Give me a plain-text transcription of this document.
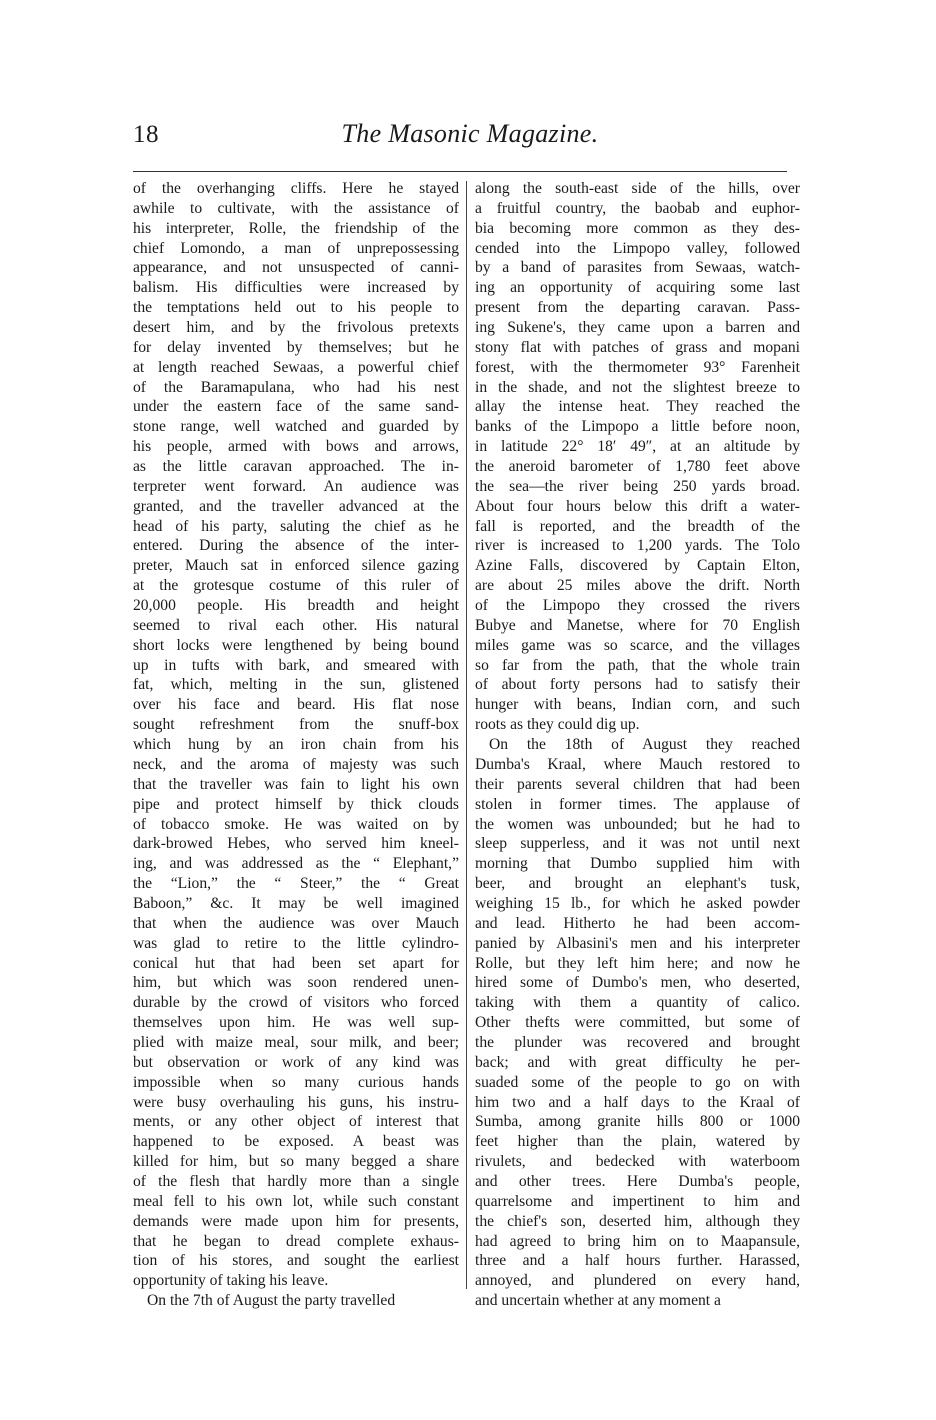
18	The Masonic Magazine.
of the overhanging cliffs. Here he stayed
awhile to cultivate, with the assistance of
his interpreter, Rolle, the friendship of the
chief Lomondo, a man of unprepossessing
appearance, and not unsuspected of canni-
balism. His difficulties were increased by
the temptations held out to his people to
desert him, and by the frivolous pretexts
for delay invented by themselves; but he
at length reached Sewaas, a powerful chief
of the Baramapulana, who had his nest
under the eastern face of the same sand-
stone range, well watched and guarded by
his people, armed with bows and arrows,
as the little caravan approached. The in-
terpreter went forward. An audience was
granted, and the traveller advanced at the
head of his party, saluting the chief as he
entered. During the absence of the inter-
preter, Mauch sat in enforced silence gazing
at the grotesque costume of this ruler of
20,000 people. His breadth and height
seemed to rival each other. His natural
short locks were lengthened by being bound
up in tufts with bark, and smeared with
fat, which, melting in the sun, glistened
over his face and beard. His flat nose
sought refreshment from the snuff-box
which hung by an iron chain from his
neck, and the aroma of majesty was such
that the traveller was fain to light his own
pipe and protect himself by thick clouds
of tobacco smoke. He was waited on by
dark-browed Hebes, who served him kneel-
ing, and was addressed as the “ Elephant,”
the “Lion,” the “ Steer,” the “ Great
Baboon,” &c. It may be well imagined
that when the audience was over Mauch
was glad to retire to the little cylindro-
conical hut that had been set apart for
him, but which was soon rendered unen-
durable by the crowd of visitors who forced
themselves upon him. He was well sup-
plied with maize meal, sour milk, and beer;
but observation or work of any kind was
impossible when so many curious hands
were busy overhauling his guns, his instru-
ments, or any other object of interest that
happened to be exposed. A beast was
killed for him, but so many begged a share
of the flesh that hardly more than a single
meal fell to his own lot, while such constant
demands were made upon him for presents,
that he began to dread complete exhaus-
tion of his stores, and sought the earliest
opportunity of taking his leave.
On the 7th of August the party travelled
along the south-east side of the hills, over
a fruitful country, the baobab and euphor-
bia becoming more common as they des-
cended into the Limpopo valley, followed
by a band of parasites from Sewaas, watch-
ing an opportunity of acquiring some last
present from the departing caravan. Pass-
ing Sukene's, they came upon a barren and
stony flat with patches of grass and mopani
forest, with the thermometer 93° Farenheit
in the shade, and not the slightest breeze to
allay the intense heat. They reached the
banks of the Limpopo a little before noon,
in latitude 22° 18′ 49″, at an altitude by
the aneroid barometer of 1,780 feet above
the sea—the river being 250 yards broad.
About four hours below this drift a water-
fall is reported, and the breadth of the
river is increased to 1,200 yards. The Tolo
Azine Falls, discovered by Captain Elton,
are about 25 miles above the drift. North
of the Limpopo they crossed the rivers
Bubye and Manetse, where for 70 English
miles game was so scarce, and the villages
so far from the path, that the whole train
of about forty persons had to satisfy their
hunger with beans, Indian corn, and such
roots as they could dig up.
On the 18th of August they reached
Dumba's Kraal, where Mauch restored to
their parents several children that had been
stolen in former times. The applause of
the women was unbounded; but he had to
sleep supperless, and it was not until next
morning that Dumbo supplied him with
beer, and brought an elephant's tusk,
weighing 15 lb., for which he asked powder
and lead. Hitherto he had been accom-
panied by Albasini's men and his interpreter
Rolle, but they left him here; and now he
hired some of Dumbo's men, who deserted,
taking with them a quantity of calico.
Other thefts were committed, but some of
the plunder was recovered and brought
back; and with great difficulty he per-
suaded some of the people to go on with
him two and a half days to the Kraal of
Sumba, among granite hills 800 or 1000
feet higher than the plain, watered by
rivulets, and bedecked with waterboom
and other trees. Here Dumba's people,
quarrelsome and impertinent to him and
the chief's son, deserted him, although they
had agreed to bring him on to Maapansule,
three and a half hours further. Harassed,
annoyed, and plundered on every hand,
and uncertain whether at any moment a
